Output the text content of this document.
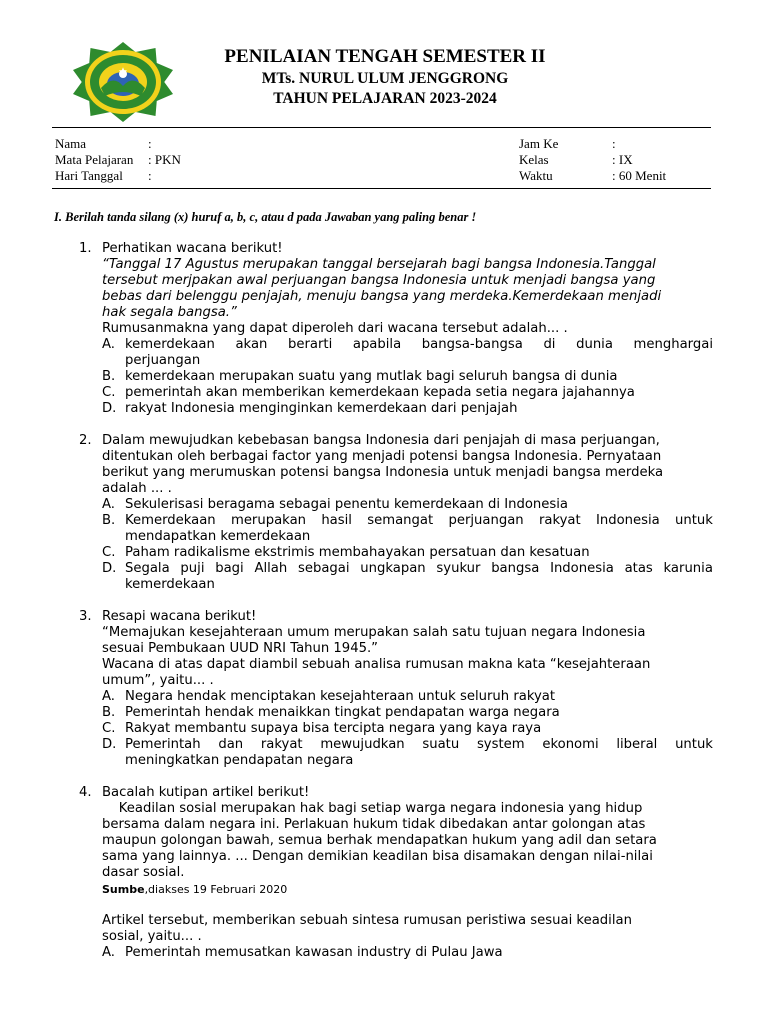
PENILAIAN TENGAH SEMESTER II
MTs. NURUL ULUM JENGGRONG
TAHUN PELAJARAN 2023-2024
Nama	:
Mata Pelajaran : PKN
Hari Tanggal :
Jam Ke	:
Kelas	: IX
Waktu	: 60 Menit
I. Berilah tanda silang (x) huruf a, b, c, atau d pada Jawaban yang paling benar !
1. Perhatikan wacana berikut!
“Tanggal 17 Agustus merupakan tanggal bersejarah bagi bangsa Indonesia.Tanggal
tersebut merjpakan awal perjuangan bangsa Indonesia untuk menjadi bangsa yang
bebas dari belenggu penjajah, menuju bangsa yang merdeka.Kemerdekaan menjadi
hak segala bangsa.”
Rumusanmakna yang dapat diperoleh dari wacana tersebut adalah... .
A. kemerdekaan akan berarti apabila bangsa-bangsa di dunia menghargai
perjuangan
B. kemerdekaan merupakan suatu yang mutlak bagi seluruh bangsa di dunia
C. pemerintah akan memberikan kemerdekaan kepada setia negara jajahannya
D. rakyat Indonesia menginginkan kemerdekaan dari penjajah
2. Dalam mewujudkan kebebasan bangsa Indonesia dari penjajah di masa perjuangan,
ditentukan oleh berbagai factor yang menjadi potensi bangsa Indonesia. Pernyataan
berikut yang merumuskan potensi bangsa Indonesia untuk menjadi bangsa merdeka
adalah ... .
A. Sekulerisasi beragama sebagai penentu kemerdekaan di Indonesia
B. Kemerdekaan merupakan hasil semangat perjuangan rakyat Indonesia untuk
mendapatkan kemerdekaan
C. Paham radikalisme ekstrimis membahayakan persatuan dan kesatuan
D. Segala puji bagi Allah sebagai ungkapan syukur bangsa Indonesia atas karunia
kemerdekaan
3. Resapi wacana berikut!
“Memajukan kesejahteraan umum merupakan salah satu tujuan negara Indonesia
sesuai Pembukaan UUD NRI Tahun 1945.”
Wacana di atas dapat diambil sebuah analisa rumusan makna kata “kesejahteraan
umum”, yaitu... .
A. Negara hendak menciptakan kesejahteraan untuk seluruh rakyat
B. Pemerintah hendak menaikkan tingkat pendapatan warga negara
C. Rakyat membantu supaya bisa tercipta negara yang kaya raya
D. Pemerintah dan rakyat mewujudkan suatu system ekonomi liberal untuk
meningkatkan pendapatan negara
4. Bacalah kutipan artikel berikut!
Keadilan sosial merupakan hak bagi setiap warga negara indonesia yang hidup
bersama dalam negara ini. Perlakuan hukum tidak dibedakan antar golongan atas
maupun golongan bawah, semua berhak mendapatkan hukum yang adil dan setara
sama yang lainnya. ... Dengan demikian keadilan bisa disamakan dengan nilai-nilai
dasar sosial.
Sumbe,diakses 19 Februari 2020
Artikel tersebut, memberikan sebuah sintesa rumusan peristiwa sesuai keadilan
sosial, yaitu... .
A. Pemerintah memusatkan kawasan industry di Pulau Jawa
